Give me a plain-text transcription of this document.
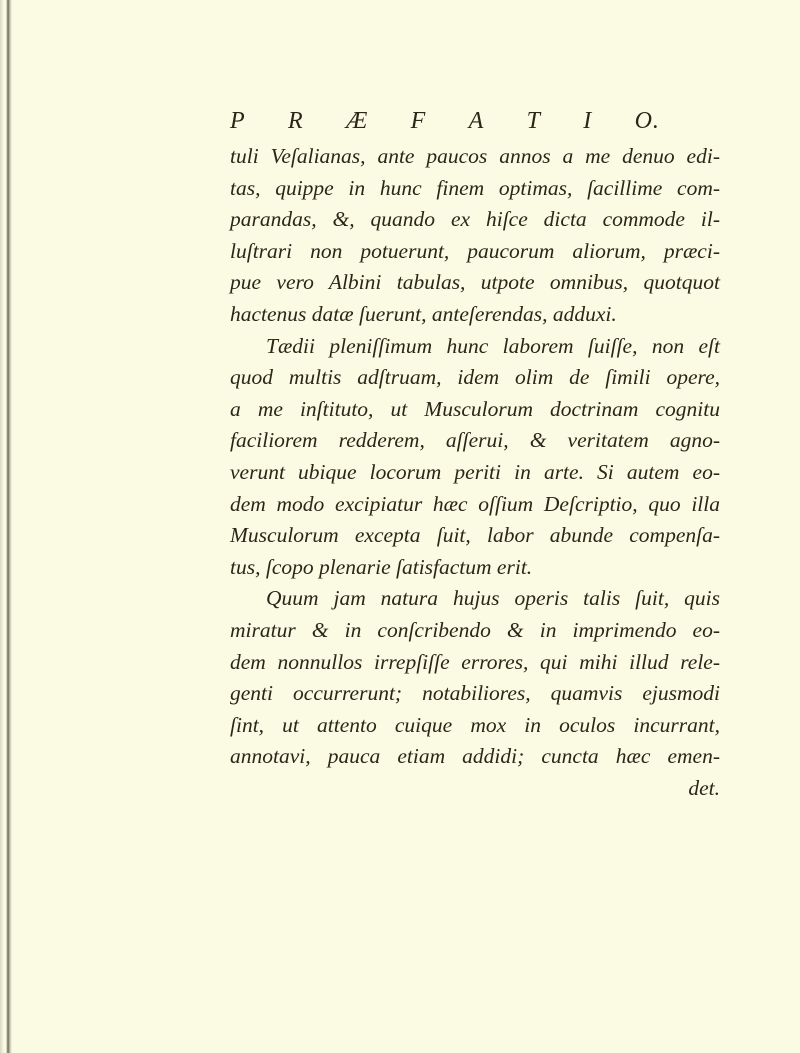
P R Æ F A T I O.
tuli Veſalianas, ante paucos annos a me denuo edi-
tas, quippe in hunc finem optimas, ſacillime com-
parandas, &, quando ex hiſce dicta commode il-
luſtrari non potuerunt, paucorum aliorum, præci-
pue vero Albini tabulas, utpote omnibus, quotquot
hactenus datæ ſuerunt, anteſerendas, adduxi.
Tædii pleniſſimum hunc laborem ſuiſſe, non eſt
quod multis adſtruam, idem olim de ſimili opere,
a me inſtituto, ut Musculorum doctrinam cognitu
faciliorem redderem, aſſerui, & veritatem agno-
verunt ubique locorum periti in arte. Si autem eo-
dem modo excipiatur hæc oſſium Deſcriptio, quo illa
Musculorum excepta ſuit, labor abunde compenſa-
tus, ſcopo plenarie ſatisfactum erit.
Quum jam natura hujus operis talis ſuit, quis
miratur & in conſcribendo & in imprimendo eo-
dem nonnullos irrepſiſſe errores, qui mihi illud rele-
genti occurrerunt; notabiliores, quamvis ejusmodi
ſint, ut attento cuique mox in oculos incurrant,
annotavi, pauca etiam addidi; cuncta hæc emen-
det.
